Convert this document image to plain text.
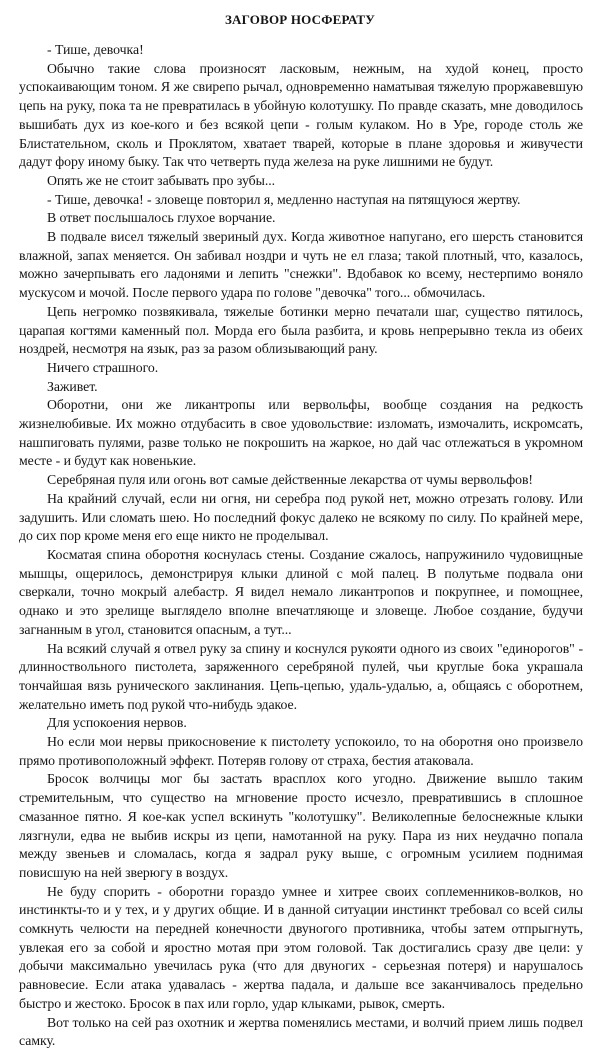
ЗАГОВОР НОСФЕРАТУ

- Тише, девочка!

Обычно такие слова произносят ласковым, нежным, на худой конец, просто успокаивающим тоном. Я же свирепо рычал, одновременно наматывая тяжелую проржавевшую цепь на руку, пока та не превратилась в убойную колотушку. По правде сказать, мне доводилось вышибать дух из кое-кого и без всякой цепи - голым кулаком. Но в Уре, городе столь же Блистательном, сколь и Проклятом, хватает тварей, которые в плане здоровья и живучести дадут фору иному быку. Так что четверть пуда железа на руке лишними не будут.

Опять же не стоит забывать про зубы...

- Тише, девочка! - зловеще повторил я, медленно наступая на пятящуюся жертву.

В ответ послышалось глухое ворчание.

В подвале висел тяжелый звериный дух. Когда животное напугано, его шерсть становится влажной, запах меняется. Он забивал ноздри и чуть не ел глаза; такой плотный, что, казалось, можно зачерпывать его ладонями и лепить "снежки". Вдобавок ко всему, нестерпимо воняло мускусом и мочой. После первого удара по голове "девочка" того... обмочилась.

Цепь негромко позвякивала, тяжелые ботинки мерно печатали шаг, существо пятилось, царапая когтями каменный пол. Морда его была разбита, и кровь непрерывно текла из обеих ноздрей, несмотря на язык, раз за разом облизывающий рану.

Ничего страшного.

Заживет.

Оборотни, они же ликантропы или вервольфы, вообще создания на редкость жизнелюбивые. Их можно отдубасить в свое удовольствие: изломать, измочалить, искромсать, нашпиговать пулями, разве только не покрошить на жаркое, но дай час отлежаться в укромном месте - и будут как новенькие.

Серебряная пуля или огонь вот самые действенные лекарства от чумы вервольфов!

На крайний случай, если ни огня, ни серебра под рукой нет, можно отрезать голову. Или задушить. Или сломать шею. Но последний фокус далеко не всякому по силу. По крайней мере, до сих пор кроме меня его еще никто не проделывал.

Косматая спина оборотня коснулась стены. Создание сжалось, напружинило чудовищные мышцы, ощерилось, демонстрируя клыки длиной с мой палец. В полутьме подвала они сверкали, точно мокрый алебастр. Я видел немало ликантропов и покрупнее, и помощнее, однако и это зрелище выглядело вполне впечатляюще и зловеще. Любое создание, будучи загнанным в угол, становится опасным, а тут...

На всякий случай я отвел руку за спину и коснулся рукояти одного из своих "единорогов" - длинноствольного пистолета, заряженного серебряной пулей, чьи круглые бока украшала тончайшая вязь рунического заклинания. Цепь-цепью, удаль-удалью, а, общаясь с оборотнем, желательно иметь под рукой что-нибудь эдакое.

Для успокоения нервов.

Но если мои нервы прикосновение к пистолету успокоило, то на оборотня оно произвело прямо противоположный эффект. Потеряв голову от страха, бестия атаковала.

Бросок волчицы мог бы застать врасплох кого угодно. Движение вышло таким стремительным, что существо на мгновение просто исчезло, превратившись в сплошное смазанное пятно. Я кое-как успел вскинуть "колотушку". Великолепные белоснежные клыки лязгнули, едва не выбив искры из цепи, намотанной на руку. Пара из них неудачно попала между звеньев и сломалась, когда я задрал руку выше, с огромным усилием поднимая повисшую на ней зверюгу в воздух.

Не буду спорить - оборотни гораздо умнее и хитрее своих соплеменников-волков, но инстинкты-то и у тех, и у других общие. И в данной ситуации инстинкт требовал со всей силы сомкнуть челюсти на передней конечности двуногого противника, чтобы затем отпрыгнуть, увлекая его за собой и яростно мотая при этом головой. Так достигались сразу две цели: у добычи максимально увечилась рука (что для двуногих - серьезная потеря) и нарушалось равновесие. Если атака удавалась - жертва падала, и дальше все заканчивалось предельно быстро и жестоко. Бросок в пах или горло, удар клыками, рывок, смерть.

Вот только на сей раз охотник и жертва поменялись местами, и волчий прием лишь подвел самку.
